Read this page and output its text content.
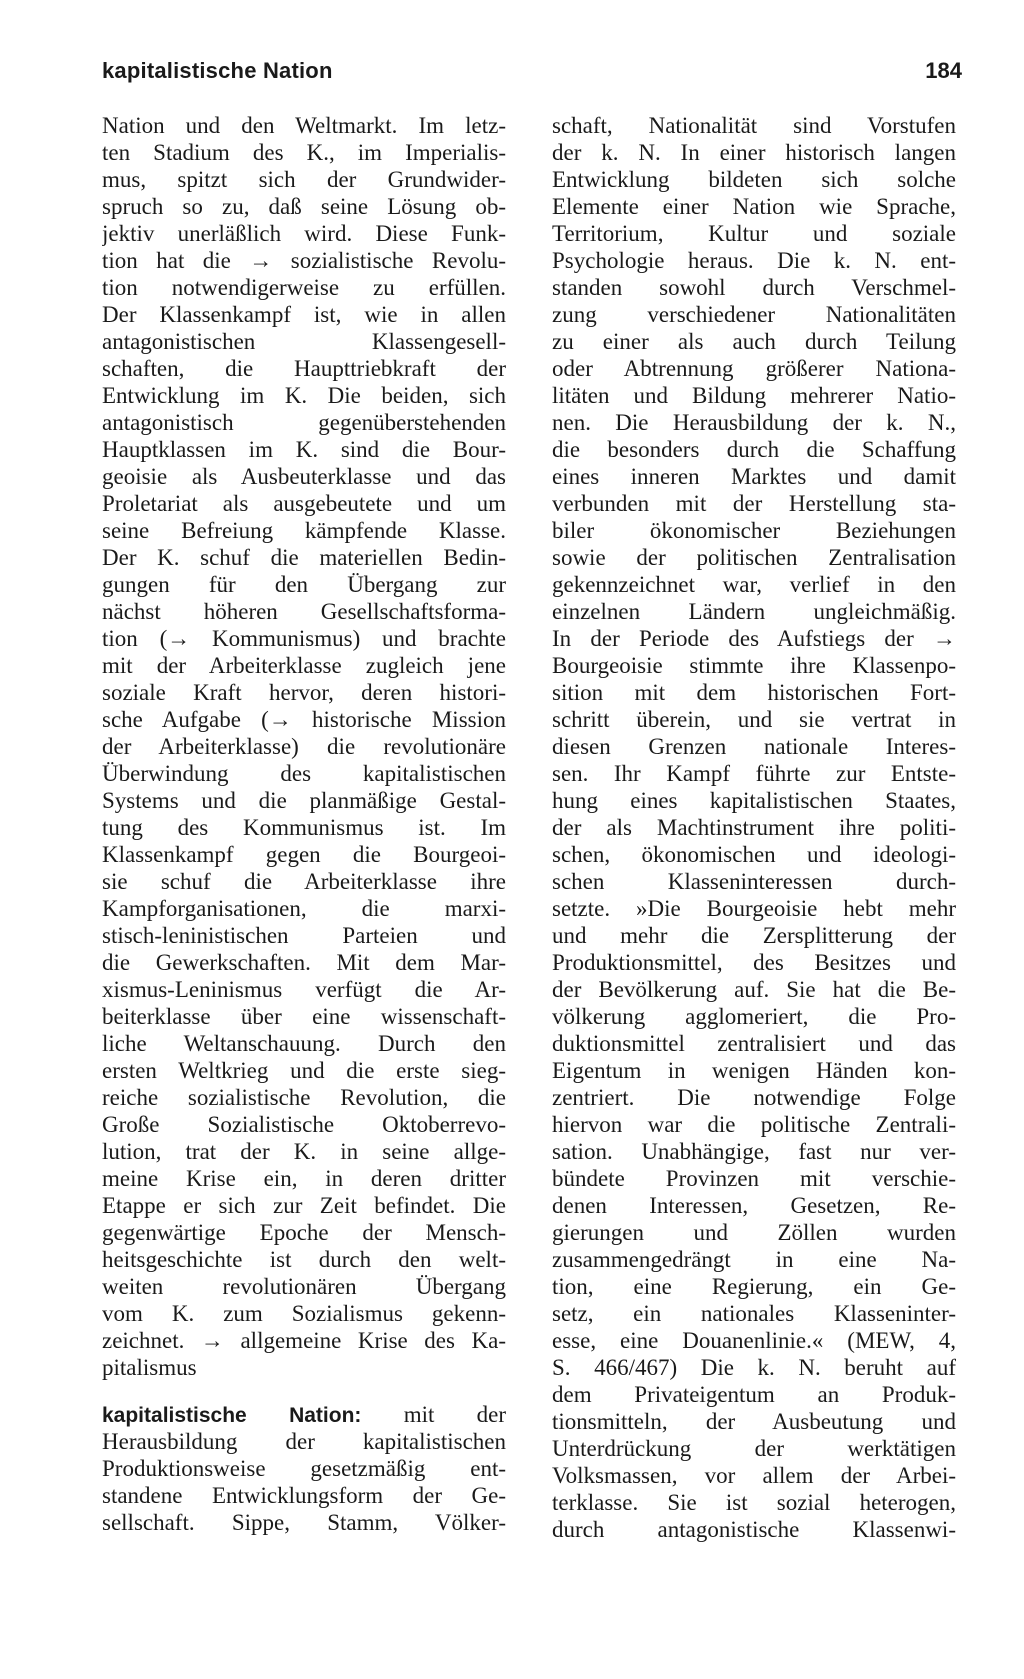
kapitalistische Nation	184
Nation und den Weltmarkt. Im letz-
ten Stadium des K., im Imperialis-
mus, spitzt sich der Grundwider-
spruch so zu, daß seine Lösung ob-
jektiv unerläßlich wird. Diese Funk-
tion hat die → sozialistische Revolu-
tion notwendigerweise zu erfüllen.
Der Klassenkampf ist, wie in allen
antagonistischen Klassengesell-
schaften, die Haupttriebkraft der
Entwicklung im K. Die beiden, sich
antagonistisch gegenüberstehenden
Hauptklassen im K. sind die Bour-
geoisie als Ausbeuterklasse und das
Proletariat als ausgebeutete und um
seine Befreiung kämpfende Klasse.
Der K. schuf die materiellen Bedin-
gungen für den Übergang zur
nächst höheren Gesellschaftsforma-
tion (→ Kommunismus) und brachte
mit der Arbeiterklasse zugleich jene
soziale Kraft hervor, deren histori-
sche Aufgabe (→ historische Mission
der Arbeiterklasse) die revolutionäre
Überwindung des kapitalistischen
Systems und die planmäßige Gestal-
tung des Kommunismus ist. Im
Klassenkampf gegen die Bourgeoi-
sie schuf die Arbeiterklasse ihre
Kampforganisationen, die marxi-
stisch-leninistischen Parteien und
die Gewerkschaften. Mit dem Mar-
xismus-Leninismus verfügt die Ar-
beiterklasse über eine wissenschaft-
liche Weltanschauung. Durch den
ersten Weltkrieg und die erste sieg-
reiche sozialistische Revolution, die
Große Sozialistische Oktoberrevo-
lution, trat der K. in seine allge-
meine Krise ein, in deren dritter
Etappe er sich zur Zeit befindet. Die
gegenwärtige Epoche der Mensch-
heitsgeschichte ist durch den welt-
weiten revolutionären Übergang
vom K. zum Sozialismus gekenn-
zeichnet. → allgemeine Krise des Ka-
pitalismus
kapitalistische Nation: mit der
Herausbildung der kapitalistischen
Produktionsweise gesetzmäßig ent-
standene Entwicklungsform der Ge-
sellschaft. Sippe, Stamm, Völker-
schaft, Nationalität sind Vorstufen
der k. N. In einer historisch langen
Entwicklung bildeten sich solche
Elemente einer Nation wie Sprache,
Territorium, Kultur und soziale
Psychologie heraus. Die k. N. ent-
standen sowohl durch Verschmel-
zung verschiedener Nationalitäten
zu einer als auch durch Teilung
oder Abtrennung größerer Nationa-
litäten und Bildung mehrerer Natio-
nen. Die Herausbildung der k. N.,
die besonders durch die Schaffung
eines inneren Marktes und damit
verbunden mit der Herstellung sta-
biler ökonomischer Beziehungen
sowie der politischen Zentralisation
gekennzeichnet war, verlief in den
einzelnen Ländern ungleichmäßig.
In der Periode des Aufstiegs der →
Bourgeoisie stimmte ihre Klassenpo-
sition mit dem historischen Fort-
schritt überein, und sie vertrat in
diesen Grenzen nationale Interes-
sen. Ihr Kampf führte zur Entste-
hung eines kapitalistischen Staates,
der als Machtinstrument ihre politi-
schen, ökonomischen und ideologi-
schen Klasseninteressen durch-
setzte. »Die Bourgeoisie hebt mehr
und mehr die Zersplitterung der
Produktionsmittel, des Besitzes und
der Bevölkerung auf. Sie hat die Be-
völkerung agglomeriert, die Pro-
duktionsmittel zentralisiert und das
Eigentum in wenigen Händen kon-
zentriert. Die notwendige Folge
hiervon war die politische Zentrali-
sation. Unabhängige, fast nur ver-
bündete Provinzen mit verschie-
denen Interessen, Gesetzen, Re-
gierungen und Zöllen wurden
zusammengedrängt in eine Na-
tion, eine Regierung, ein Ge-
setz, ein nationales Klasseninter-
esse, eine Douanenlinie.« (MEW, 4,
S. 466/467) Die k. N. beruht auf
dem Privateigentum an Produk-
tionsmitteln, der Ausbeutung und
Unterdrückung der werktätigen
Volksmassen, vor allem der Arbei-
terklasse. Sie ist sozial heterogen,
durch antagonistische Klassenwi-
